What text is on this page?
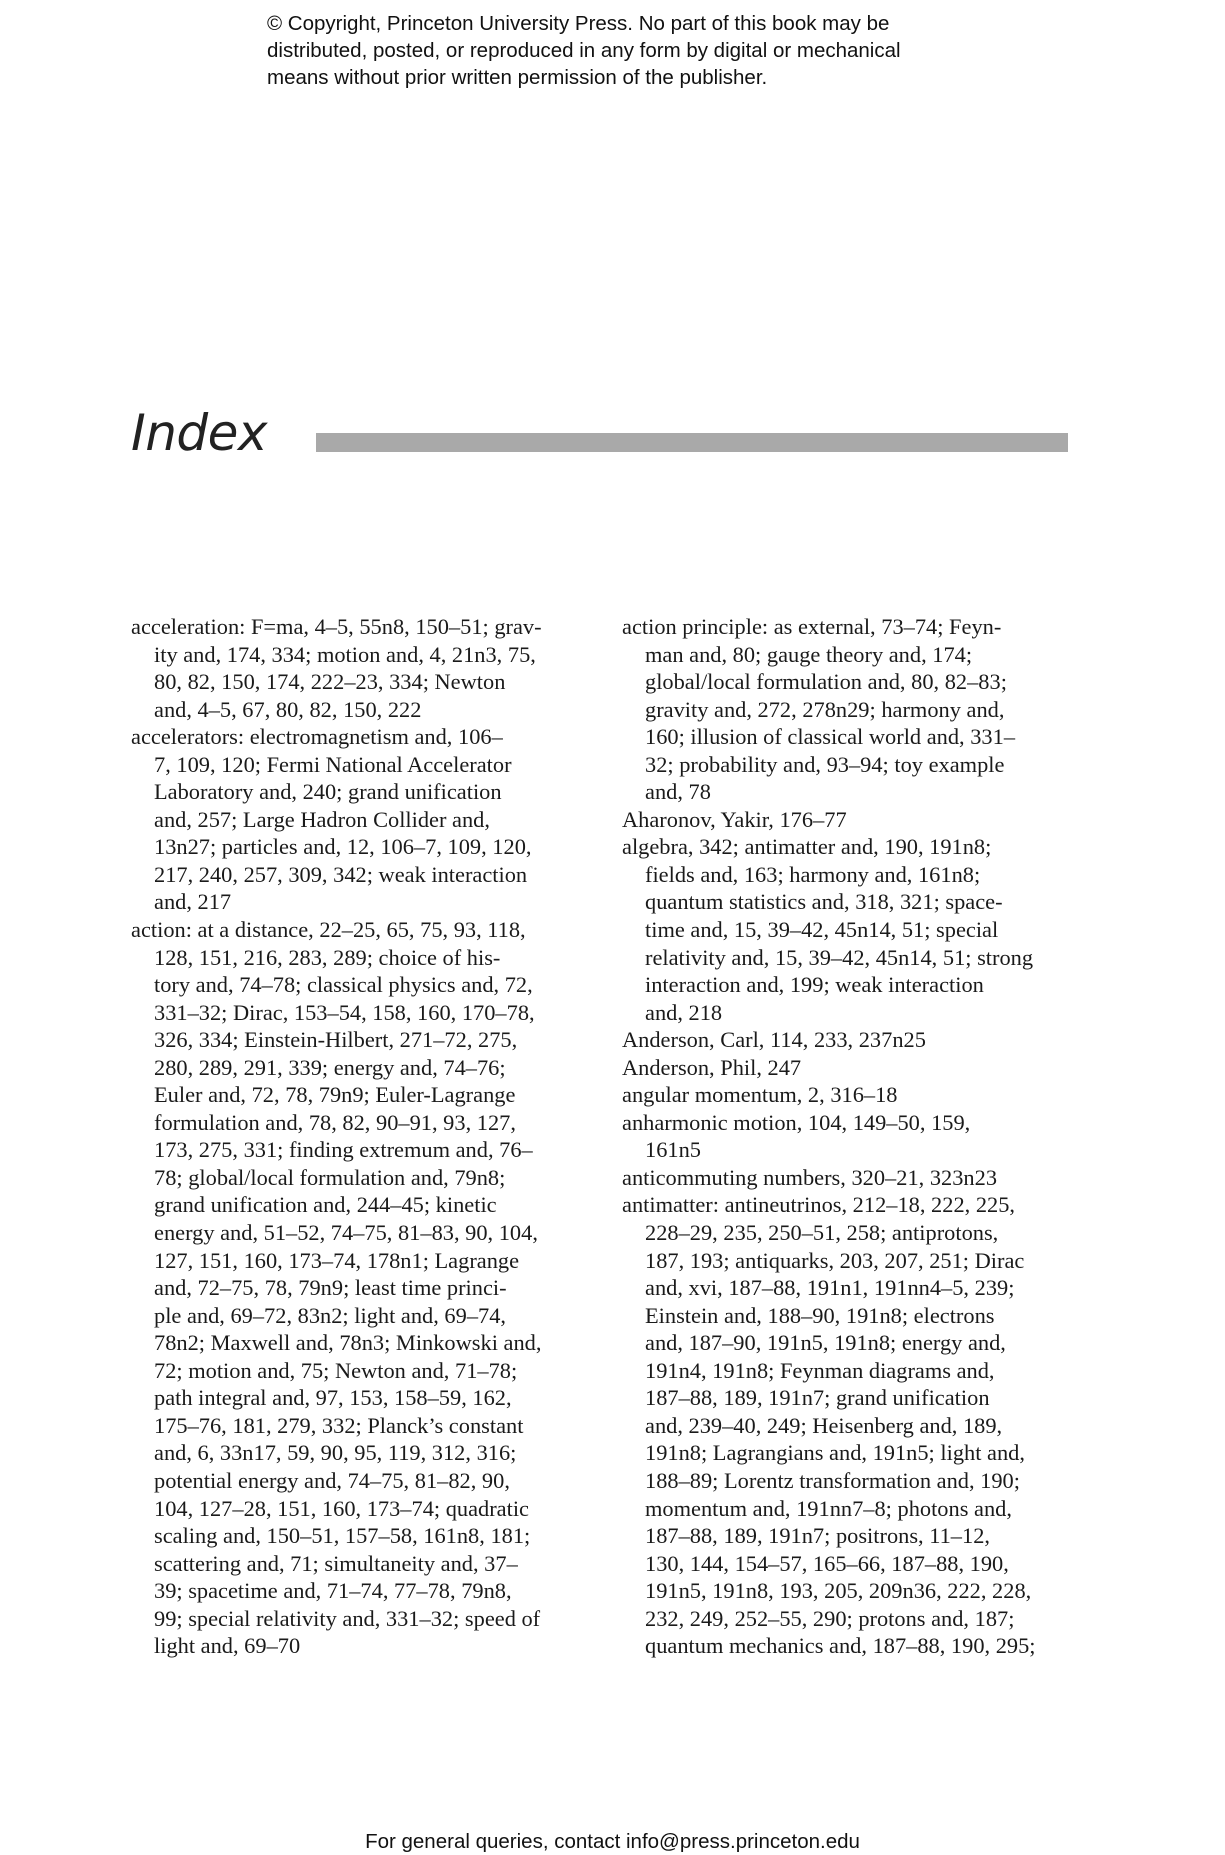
© Copyright, Princeton University Press. No part of this book may be
distributed, posted, or reproduced in any form by digital or mechanical
means without prior written permission of the publisher.
Index
acceleration: F=ma, 4–5, 55n8, 150–51; grav-
ity and, 174, 334; motion and, 4, 21n3, 75,
80, 82, 150, 174, 222–23, 334; Newton
and, 4–5, 67, 80, 82, 150, 222
accelerators: electromagnetism and, 106–
7, 109, 120; Fermi National Accelerator
Laboratory and, 240; grand unification
and, 257; Large Hadron Collider and,
13n27; particles and, 12, 106–7, 109, 120,
217, 240, 257, 309, 342; weak interaction
and, 217
action: at a distance, 22–25, 65, 75, 93, 118,
128, 151, 216, 283, 289; choice of his-
tory and, 74–78; classical physics and, 72,
331–32; Dirac, 153–54, 158, 160, 170–78,
326, 334; Einstein-Hilbert, 271–72, 275,
280, 289, 291, 339; energy and, 74–76;
Euler and, 72, 78, 79n9; Euler-Lagrange
formulation and, 78, 82, 90–91, 93, 127,
173, 275, 331; finding extremum and, 76–
78; global/local formulation and, 79n8;
grand unification and, 244–45; kinetic
energy and, 51–52, 74–75, 81–83, 90, 104,
127, 151, 160, 173–74, 178n1; Lagrange
and, 72–75, 78, 79n9; least time princi-
ple and, 69–72, 83n2; light and, 69–74,
78n2; Maxwell and, 78n3; Minkowski and,
72; motion and, 75; Newton and, 71–78;
path integral and, 97, 153, 158–59, 162,
175–76, 181, 279, 332; Planck’s constant
and, 6, 33n17, 59, 90, 95, 119, 312, 316;
potential energy and, 74–75, 81–82, 90,
104, 127–28, 151, 160, 173–74; quadratic
scaling and, 150–51, 157–58, 161n8, 181;
scattering and, 71; simultaneity and, 37–
39; spacetime and, 71–74, 77–78, 79n8,
99; special relativity and, 331–32; speed of
light and, 69–70
action principle: as external, 73–74; Feyn-
man and, 80; gauge theory and, 174;
global/local formulation and, 80, 82–83;
gravity and, 272, 278n29; harmony and,
160; illusion of classical world and, 331–
32; probability and, 93–94; toy example
and, 78
Aharonov, Yakir, 176–77
algebra, 342; antimatter and, 190, 191n8;
fields and, 163; harmony and, 161n8;
quantum statistics and, 318, 321; space-
time and, 15, 39–42, 45n14, 51; special
relativity and, 15, 39–42, 45n14, 51; strong
interaction and, 199; weak interaction
and, 218
Anderson, Carl, 114, 233, 237n25
Anderson, Phil, 247
angular momentum, 2, 316–18
anharmonic motion, 104, 149–50, 159,
161n5
anticommuting numbers, 320–21, 323n23
antimatter: antineutrinos, 212–18, 222, 225,
228–29, 235, 250–51, 258; antiprotons,
187, 193; antiquarks, 203, 207, 251; Dirac
and, xvi, 187–88, 191n1, 191nn4–5, 239;
Einstein and, 188–90, 191n8; electrons
and, 187–90, 191n5, 191n8; energy and,
191n4, 191n8; Feynman diagrams and,
187–88, 189, 191n7; grand unification
and, 239–40, 249; Heisenberg and, 189,
191n8; Lagrangians and, 191n5; light and,
188–89; Lorentz transformation and, 190;
momentum and, 191nn7–8; photons and,
187–88, 189, 191n7; positrons, 11–12,
130, 144, 154–57, 165–66, 187–88, 190,
191n5, 191n8, 193, 205, 209n36, 222, 228,
232, 249, 252–55, 290; protons and, 187;
quantum mechanics and, 187–88, 190, 295;
For general queries, contact info@press.princeton.edu
